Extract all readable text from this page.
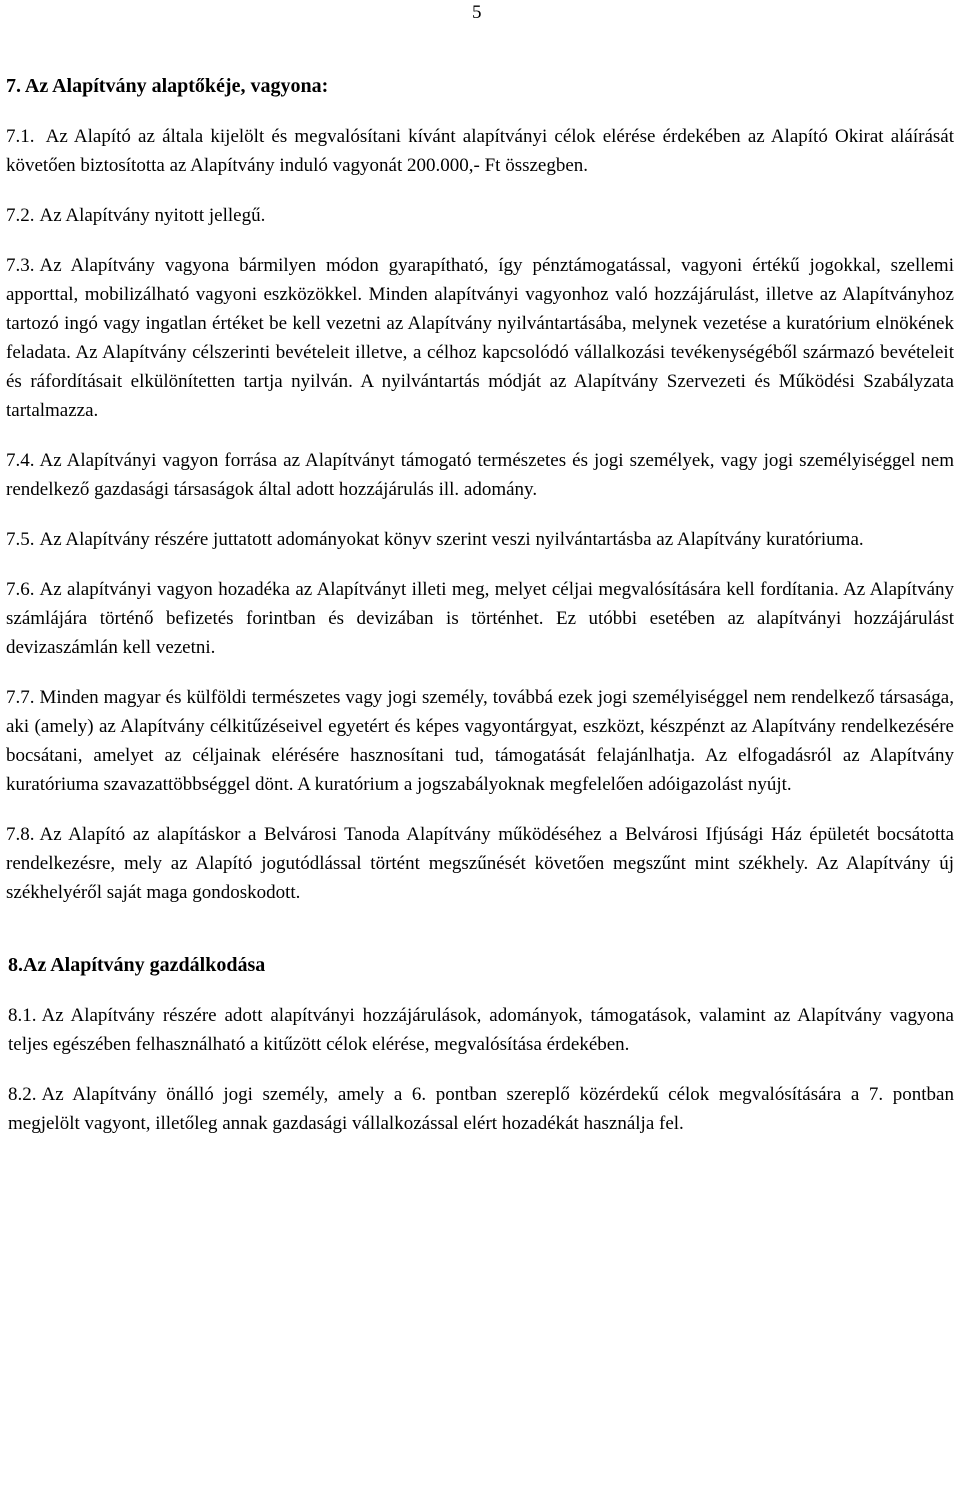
5
7. Az Alapítvány alaptőkéje, vagyona:

7.1. Az Alapító az általa kijelölt és megvalósítani kívánt alapítványi célok elérése érdekében az Alapító Okirat aláírását követően biztosította az Alapítvány induló vagyonát 200.000,- Ft összegben.

7.2. Az Alapítvány nyitott jellegű.

7.3. Az Alapítvány vagyona bármilyen módon gyarapítható, így pénztámogatással, vagyoni értékű jogokkal, szellemi apporttal, mobilizálható vagyoni eszközökkel. Minden alapítványi vagyonhoz való hozzájárulást, illetve az Alapítványhoz tartozó ingó vagy ingatlan értéket be kell vezetni az Alapítvány nyilvántartásába, melynek vezetése a kuratórium elnökének feladata. Az Alapítvány célszerinti bevételeit illetve, a célhoz kapcsolódó vállalkozási tevékenységéből származó bevételeit és ráfordításait elkülönítetten tartja nyilván. A nyilvántartás módját az Alapítvány Szervezeti és Működési Szabályzata tartalmazza.

7.4. Az Alapítványi vagyon forrása az Alapítványt támogató természetes és jogi személyek, vagy jogi személyiséggel nem rendelkező gazdasági társaságok által adott hozzájárulás ill. adomány.

7.5. Az Alapítvány részére juttatott adományokat könyv szerint veszi nyilvántartásba az Alapítvány kuratóriuma.

7.6. Az alapítványi vagyon hozadéka az Alapítványt illeti meg, melyet céljai megvalósítására kell fordítania. Az Alapítvány számlájára történő befizetés forintban és devizában is történhet. Ez utóbbi esetében az alapítványi hozzájárulást devizaszámlán kell vezetni.

7.7. Minden magyar és külföldi természetes vagy jogi személy, továbbá ezek jogi személyiséggel nem rendelkező társasága, aki (amely) az Alapítvány célkitűzéseivel egyetért és képes vagyontárgyat, eszközt, készpénzt az Alapítvány rendelkezésére bocsátani, amelyet az céljainak elérésére hasznosítani tud, támogatását felajánlhatja. Az elfogadásról az Alapítvány kuratóriuma szavazattöbbséggel dönt. A kuratórium a jogszabályoknak megfelelően adóigazolást nyújt.

7.8. Az Alapító az alapításkor a Belvárosi Tanoda Alapítvány működéséhez a Belvárosi Ifjúsági Ház épületét bocsátotta rendelkezésre, mely az Alapító jogutódlással történt megszűnését követően megszűnt mint székhely. Az Alapítvány új székhelyéről saját maga gondoskodott.

8.Az Alapítvány gazdálkodása

8.1. Az Alapítvány részére adott alapítványi hozzájárulások, adományok, támogatások, valamint az Alapítvány vagyona teljes egészében felhasználható a kitűzött célok elérése, megvalósítása érdekében.

8.2. Az Alapítvány önálló jogi személy, amely a 6. pontban szereplő közérdekű célok megvalósítására a 7. pontban megjelölt vagyont, illetőleg annak gazdasági vállalkozással elért hozadékát használja fel.
